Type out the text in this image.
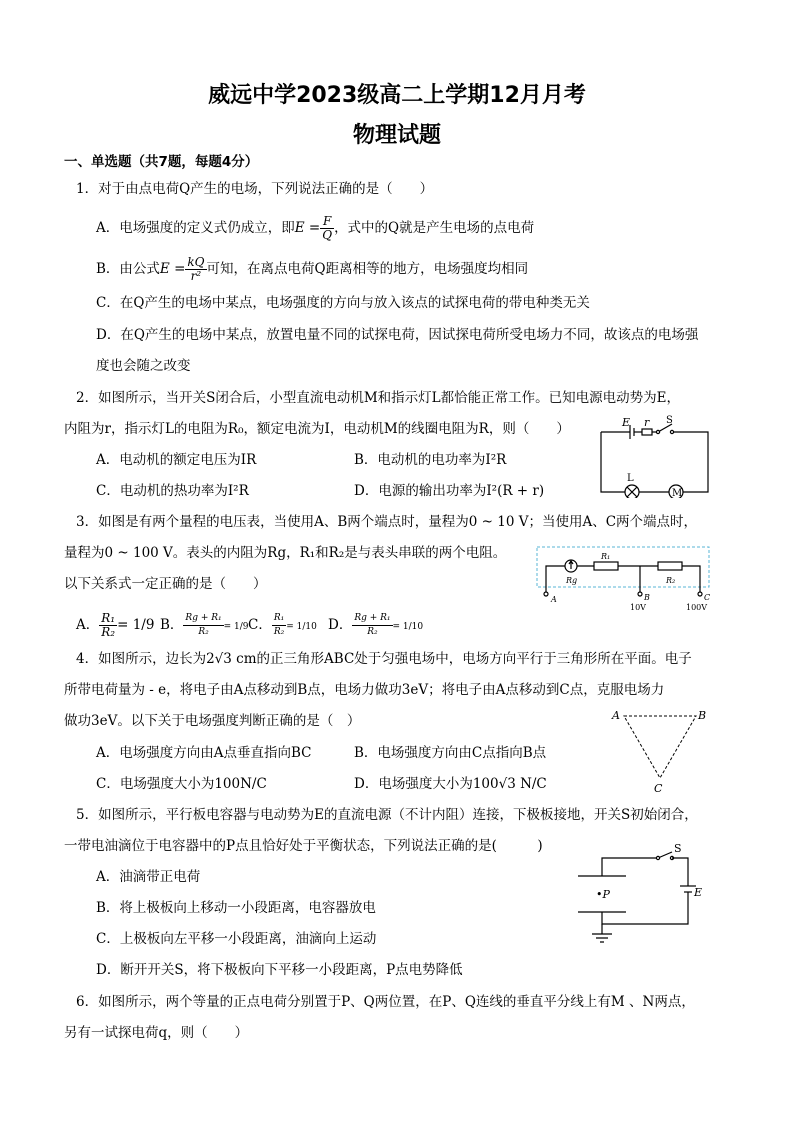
威远中学2023级高二上学期12月月考
物理试题
一、单选题（共7题，每题4分）
1．对于由点电荷Q产生的电场，下列说法正确的是（　　）
A．电场强度的定义式仍成立，即$E = \frac{F}{Q}$ ，式中的Q就是产生电场的点电荷
B．由公式$E = \frac{kQ}{\text{r²}}$ 可知，在离点电荷Q距离相等的地方，电场强度均相同
C．在Q产生的电场中某点，电场强度的方向与放入该点的试探电荷的带电种类无关
D．在Q产生的电场中某点，放置电量不同的试探电荷，因试探电荷所受电场力不同，故该点的电场强
度也会随之改变
2．如图所示，当开关S闭合后，小型直流电动机M和指示灯L都恰能正常工作。已知电源电动势为E，
内阻为r，指示灯L的电阻为R₀，额定电流为I，电动机M的线圈电阻为R，则（　　）
A．电动机的额定电压为IR	B．电动机的电功率为I²R
C．电动机的热功率为I²R	D．电源的输出功率为I²(R + r)
E r S
L
M
3．如图是有两个量程的电压表，当使用A、B两个端点时，量程为0 ~ 10 V；当使用A、C两个端点时，
量程为0 ~ 100 V。表头的内阻为Rg，R₁和R₂是与表头串联的两个电阻。
以下关系式一定正确的是（　　）
A． $\frac{\text{R₁}}{\text{R₂}} = 1/9$ B． $\frac{\text{Rg + R₁}}{\text{R₂}} = 1/9$ C． $\frac{\text{R₁}}{\text{R₂}} = 1/10$ D． $\frac{\text{Rg + R₁}}{\text{R₂}} = 1/10$
Rg
R₁
R₂
A	B	C
10V	100V
4．如图所示，边长为2√3 cm的正三角形ABC处于匀强电场中，电场方向平行于三角形所在平面。电子
所带电荷量为 - e，将电子由A点移动到B点，电场力做功3eV；将电子由A点移动到C点，克服电场力
做功3eV。以下关于电场强度判断正确的是（　）
A．电场强度方向由A点垂直指向BC	B．电场强度方向由C点指向B点
C．电场强度大小为100N/C	D．电场强度大小为100√3 N/C
A	B
C
5．如图所示，平行板电容器与电动势为E的直流电源（不计内阻）连接，下极板接地，开关S初始闭合，
一带电油滴位于电容器中的P点且恰好处于平衡状态，下列说法正确的是(　　　)
A．油滴带正电荷
B．将上极板向上移动一小段距离，电容器放电
C．上极板向左平移一小段距离，油滴向上运动
D．断开开关S，将下极板向下平移一小段距离，P点电势降低
S
E
•P
6．如图所示，两个等量的正点电荷分别置于P、Q两位置，在P、Q连线的垂直平分线上有M 、N两点，
另有一试探电荷q，则（　　）
